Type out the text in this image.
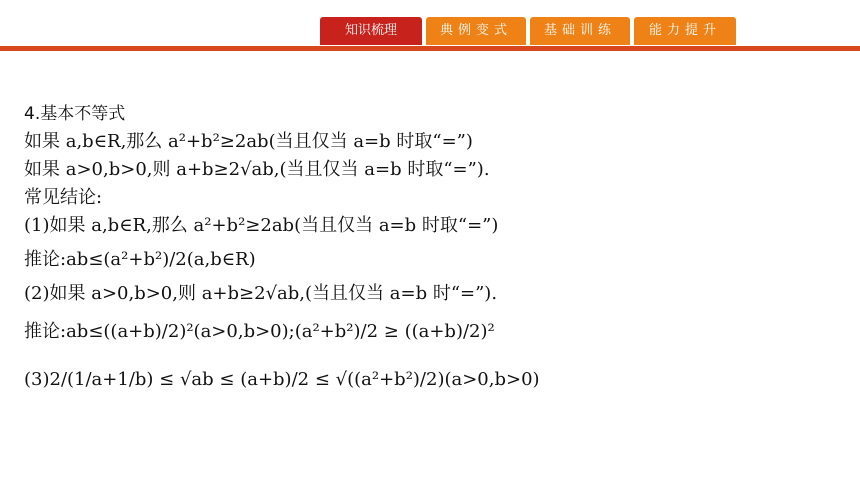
知识梳理	典例变式	基础训练	能力提升
4.基本不等式
如果 a,b∈R,那么 a²+b²≥2ab(当且仅当 a=b 时取“=”)
如果 a>0,b>0,则 a+b≥2√ab,(当且仅当 a=b 时取“=”).
常见结论:
(1)如果 a,b∈R,那么 a²+b²≥2ab(当且仅当 a=b 时取“=”)
推论:ab≤(a²+b²)/2(a,b∈R)
(2)如果 a>0,b>0,则 a+b≥2√ab,(当且仅当 a=b 时“=”).
推论:ab≤((a+b)/2)²(a>0,b>0);(a²+b²)/2 ≥ ((a+b)/2)²
(3)2/(1/a+1/b) ≤ √ab ≤ (a+b)/2 ≤ √((a²+b²)/2)(a>0,b>0)
